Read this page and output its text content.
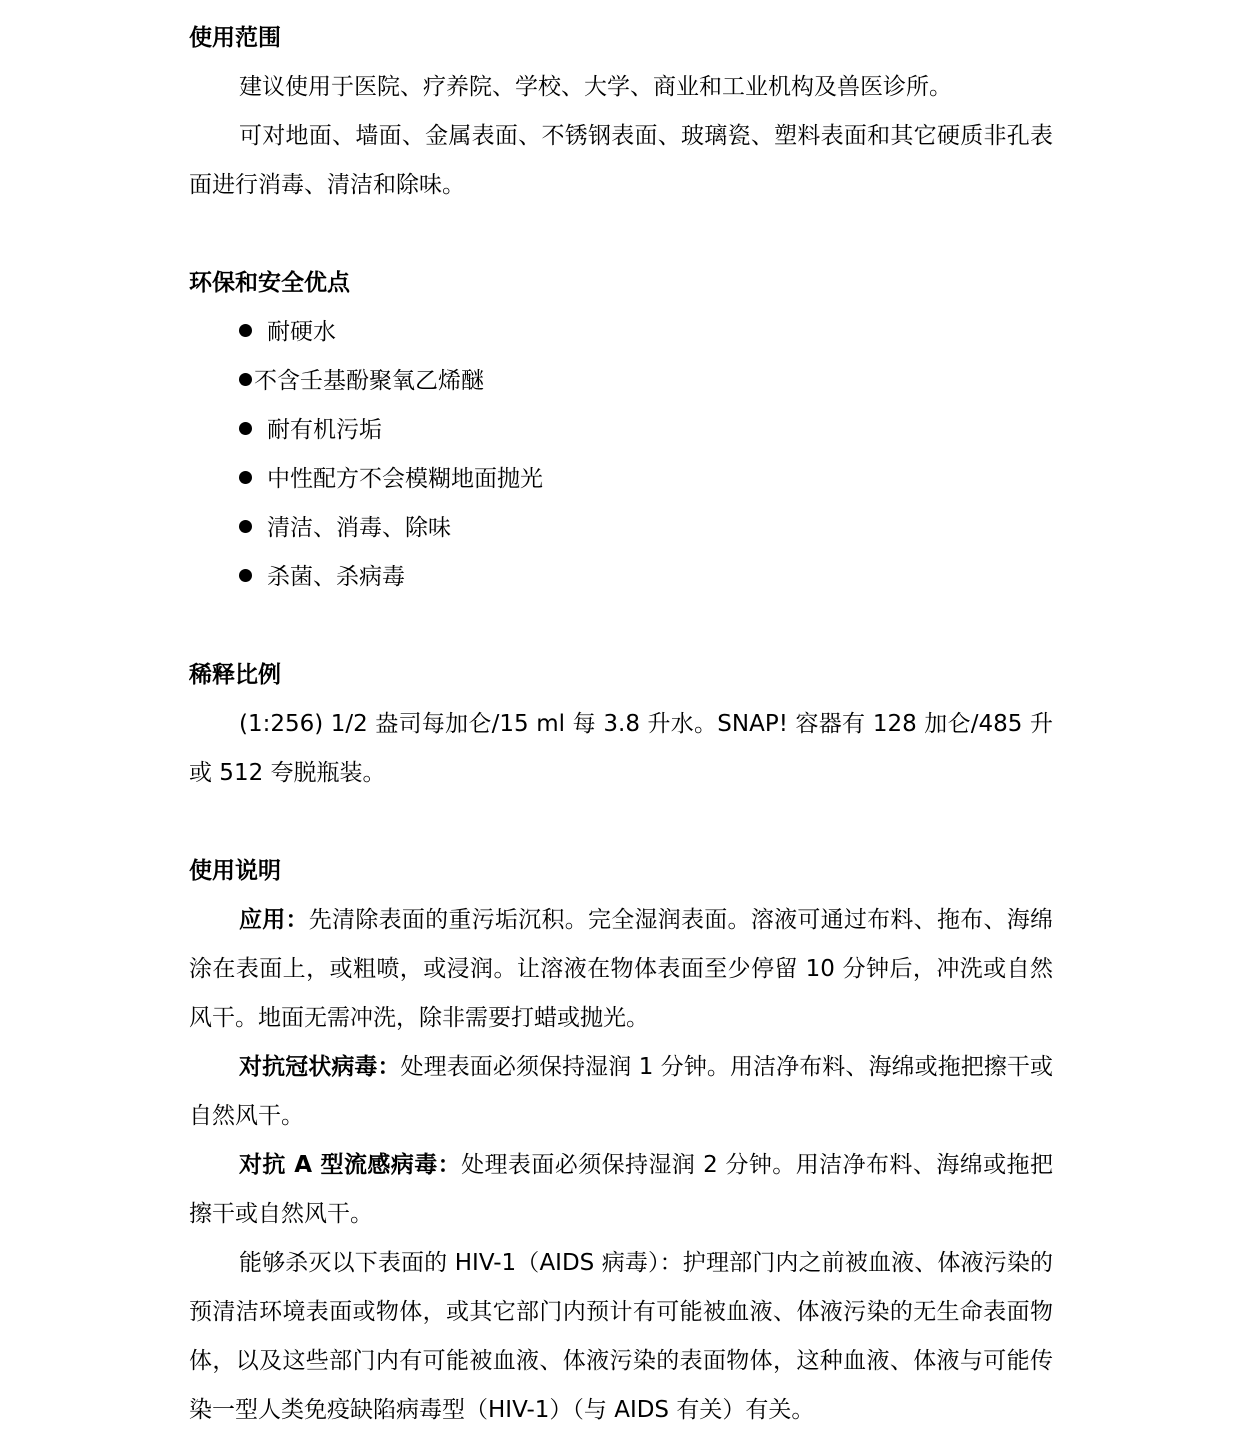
使用范围

建议使用于医院、疗养院、学校、大学、商业和工业机构及兽医诊所。

可对地面、墙面、金属表面、不锈钢表面、玻璃瓷、塑料表面和其它硬质非孔表面进行消毒、清洁和除味。

环保和安全优点
耐硬水
不含壬基酚聚氧乙烯醚
耐有机污垢
中性配方不会模糊地面抛光
清洁、消毒、除味
杀菌、杀病毒
稀释比例

(1:256) 1/2 盎司每加仑/15 ml 每 3.8 升水。SNAP! 容器有 128 加仑/485 升或 512 夸脱瓶装。

使用说明

应用：先清除表面的重污垢沉积。完全湿润表面。溶液可通过布料、拖布、海绵涂在表面上，或粗喷，或浸润。让溶液在物体表面至少停留 10 分钟后，冲洗或自然风干。地面无需冲洗，除非需要打蜡或抛光。

对抗冠状病毒：处理表面必须保持湿润 1 分钟。用洁净布料、海绵或拖把擦干或自然风干。

对抗 A 型流感病毒：处理表面必须保持湿润 2 分钟。用洁净布料、海绵或拖把擦干或自然风干。

能够杀灭以下表面的 HIV-1（AIDS 病毒）：护理部门内之前被血液、体液污染的预清洁环境表面或物体，或其它部门内预计有可能被血液、体液污染的无生命表面物体，以及这些部门内有可能被血液、体液污染的表面物体，这种血液、体液与可能传染一型人类免疫缺陷病毒型（HIV-1）（与 AIDS 有关）有关。
